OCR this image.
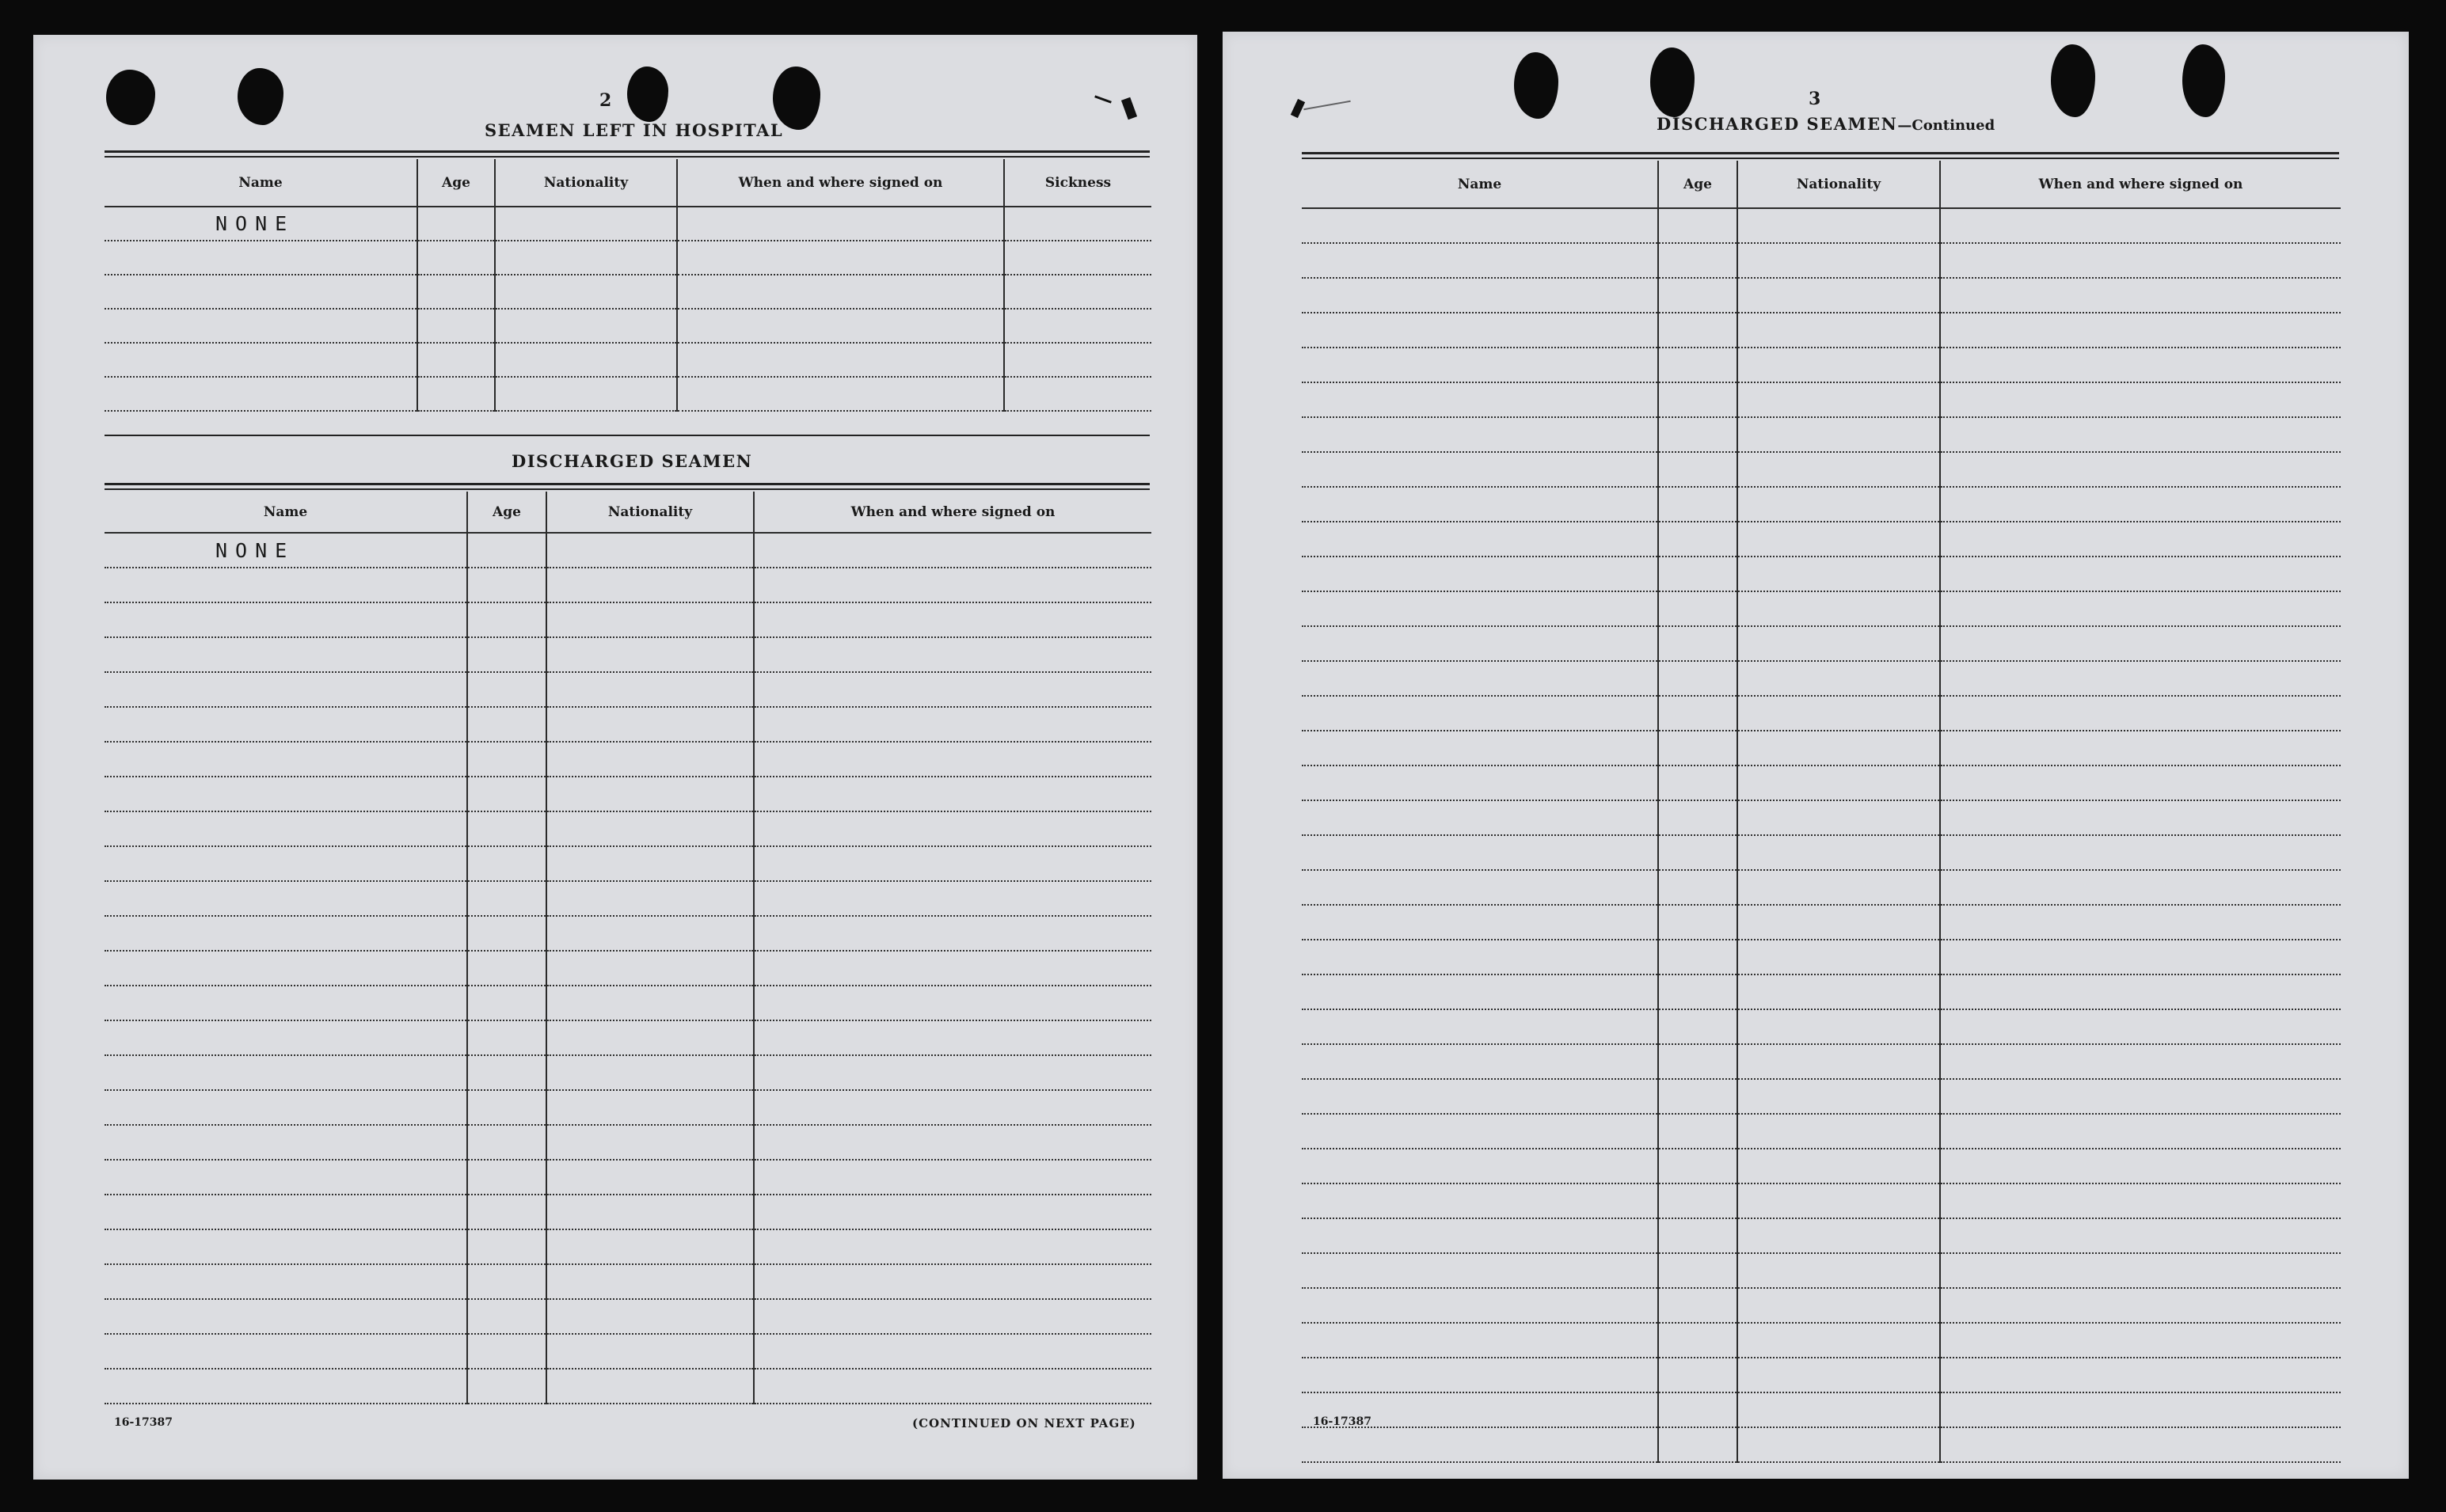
2
SEAMEN LEFT IN HOSPITAL
Name	Age	Nationality	When and where signed on	Sickness
NONE				

DISCHARGED SEAMEN
Name	Age	Nationality	When and where signed on
NONE			

16-17387	(CONTINUED ON NEXT PAGE)
3
DISCHARGED SEAMEN—Continued
Name	Age	Nationality	When and where signed on

16-17387
